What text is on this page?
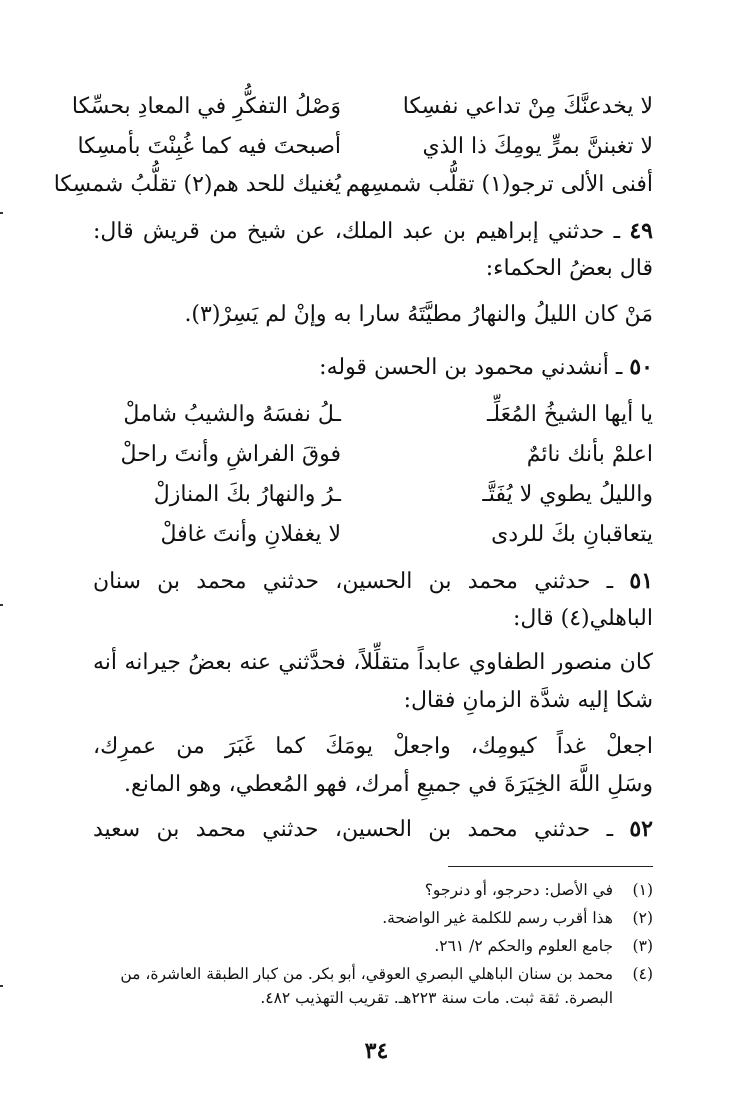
لا يخدعنَّكَ مِنْ تداعي نفسِكا
وَصْلُ التفكُّرِ في المعادِ بحسِّكا
لا تغبننَّ بمرٍّ يومِكَ ذا الذي
أصبحتَ فيه كما غُبِنْتَ بأمسِكا
أفنى الألى ترجو(١) تقلُّب شمسِهم
يُغنيك للحد هم(٢) تقلُّبُ شمسِكا
٤٩ ـ حدثني إبراهيم بن عبد الملك، عن شيخ من قريش قال:
قال بعضُ الحكماء:
مَنْ كان الليلُ والنهارُ مطيَّتَهُ سارا به وإنْ لم يَسِرْ(٣).
٥٠ ـ أنشدني محمود بن الحسن قوله:
يا أيها الشيخُ المُعَلِّـ
ـلُ نفسَهُ والشيبُ شاملْ
اعلمْ بأنك نائمٌ
فوقَ الفراشِ وأنتَ راحلْ
والليلُ يطوي لا يُفَتَّـ
ـرُ والنهارُ بكَ المنازلْ
يتعاقبانِ بكَ للردى
لا يغفلانِ وأنتَ غافلْ
٥١ ـ حدثني محمد بن الحسين، حدثني محمد بن سنان
الباهلي(٤) قال:
كان منصور الطفاوي عابداً متقلِّلاً، فحدَّثني عنه بعضُ جيرانه أنه
شكا إليه شدَّة الزمانِ فقال:
اجعلْ غداً كيومِك، واجعلْ يومَكَ كما غَبَرَ من عمرِك،
وسَلِ اللَّهَ الخِيَرَةَ في جميعِ أمرك، فهو المُعطي، وهو المانع.
٥٢ ـ حدثني محمد بن الحسين، حدثني محمد بن سعيد
(١)
في الأصل: دحرجو، أو دنرجو؟
(٢)
هذا أقرب رسم للكلمة غير الواضحة.
(٣)
جامع العلوم والحكم ٢/ ٢٦١.
(٤)
محمد بن سنان الباهلي البصري العوقي، أبو بكر. من كبار الطبقة العاشرة، من البصرة. ثقة ثبت. مات سنة ٢٢٣هـ. تقريب التهذيب ٤٨٢.
٣٤
